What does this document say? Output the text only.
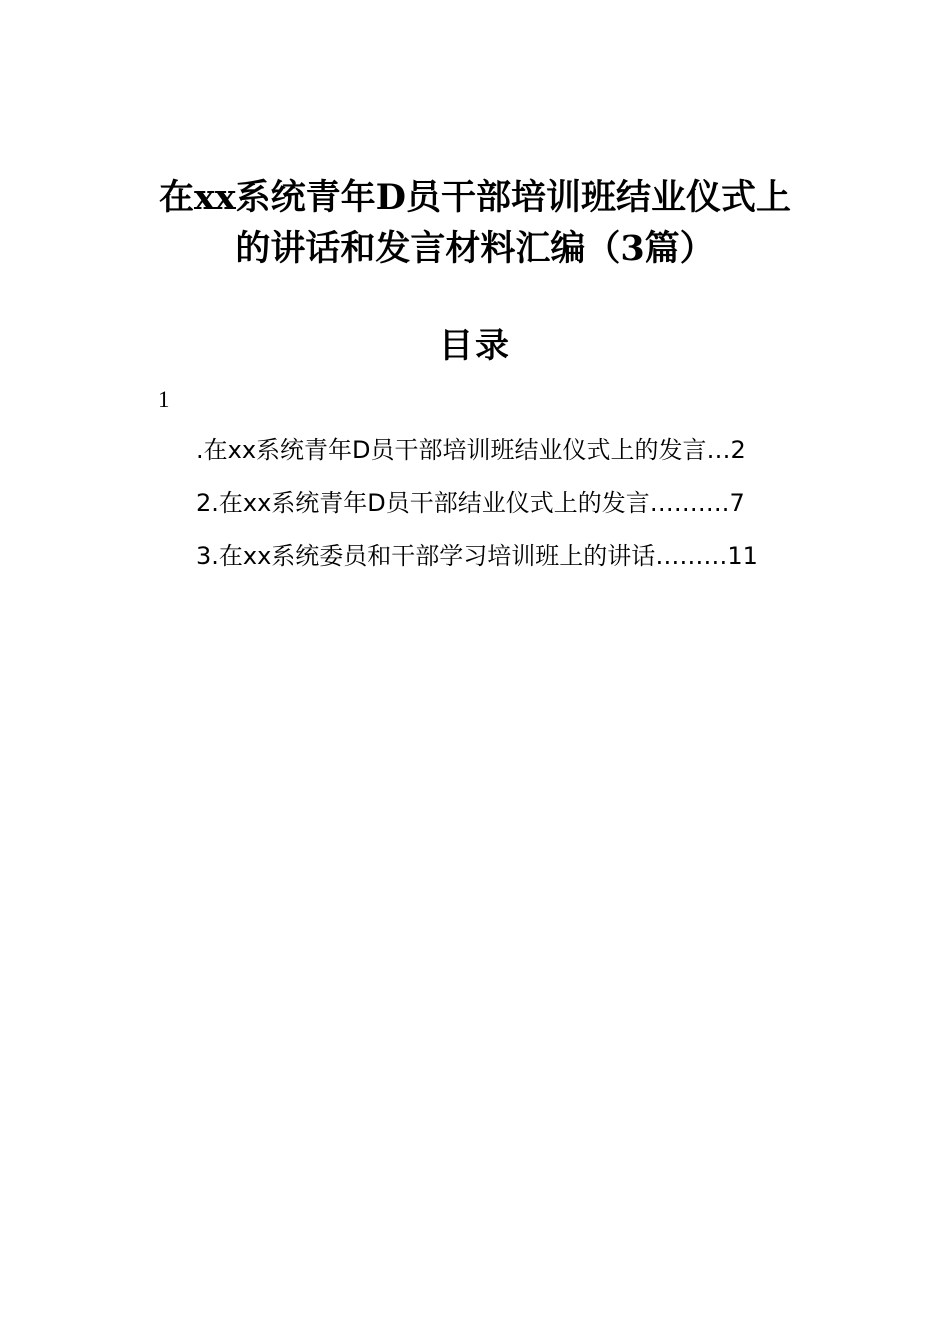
在xx系统青年D员干部培训班结业仪式上
的讲话和发言材料汇编（3篇）
目录
1
.在xx系统青年D员干部培训班结业仪式上的发言 … 2
2.在xx系统青年D员干部结业仪式上的发言 ………. 7
3.在xx系统委员和干部学习培训班上的讲话 ……… 11
